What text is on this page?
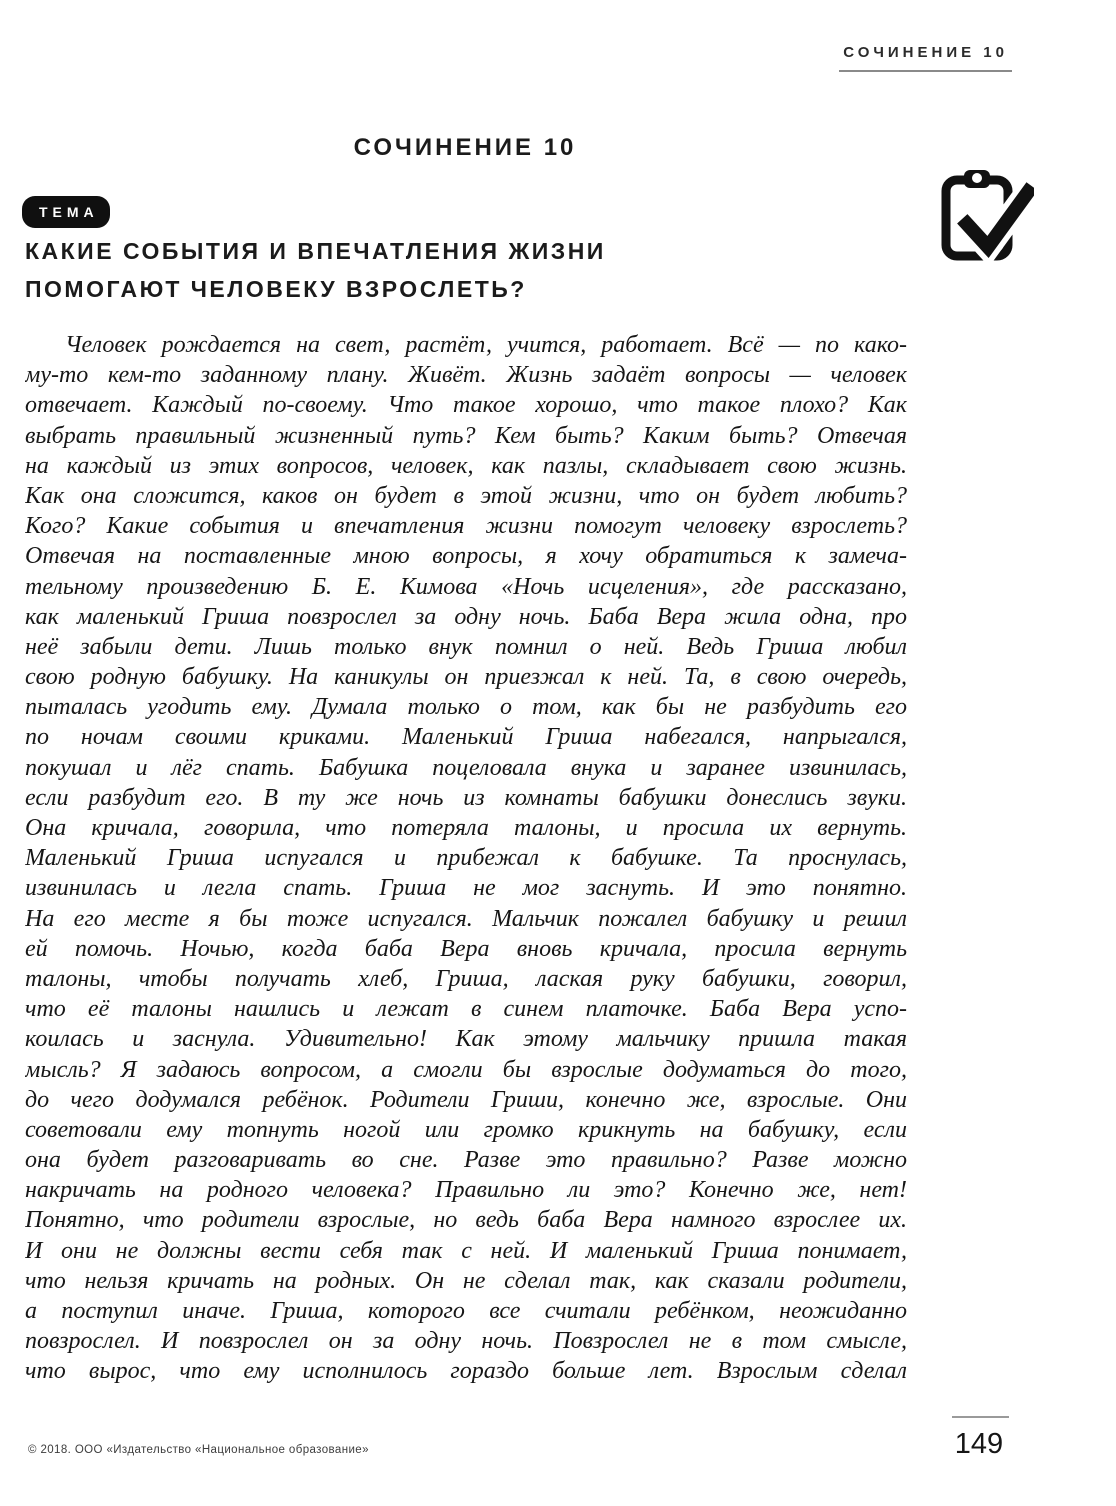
СОЧИНЕНИЕ 10
СОЧИНЕНИЕ 10
ТЕМА
КАКИЕ СОБЫТИЯ И ВПЕЧАТЛЕНИЯ ЖИЗНИ
ПОМОГАЮТ ЧЕЛОВЕКУ ВЗРОСЛЕТЬ?
Человек рождается на свет, растёт, учится, работает. Всё — по како-
му-то кем-то заданному плану. Живёт. Жизнь задаёт вопросы — человек
отвечает. Каждый по-своему. Что такое хорошо, что такое плохо? Как
выбрать правильный жизненный путь? Кем быть? Каким быть? Отвечая
на каждый из этих вопросов, человек, как пазлы, складывает свою жизнь.
Как она сложится, каков он будет в этой жизни, что он будет любить?
Кого? Какие события и впечатления жизни помогут человеку взрослеть?
Отвечая на поставленные мною вопросы, я хочу обратиться к замеча-
тельному произведению Б. Е. Кимова «Ночь исцеления», где рассказано,
как маленький Гриша повзрослел за одну ночь. Баба Вера жила одна, про
неё забыли дети. Лишь только внук помнил о ней. Ведь Гриша любил
свою родную бабушку. На каникулы он приезжал к ней. Та, в свою очередь,
пыталась угодить ему. Думала только о том, как бы не разбудить его
по ночам своими криками. Маленький Гриша набегался, напрыгался,
покушал и лёг спать. Бабушка поцеловала внука и заранее извинилась,
если разбудит его. В ту же ночь из комнаты бабушки донеслись звуки.
Она кричала, говорила, что потеряла талоны, и просила их вернуть.
Маленький Гриша испугался и прибежал к бабушке. Та проснулась,
извинилась и легла спать. Гриша не мог заснуть. И это понятно.
На его месте я бы тоже испугался. Мальчик пожалел бабушку и решил
ей помочь. Ночью, когда баба Вера вновь кричала, просила вернуть
талоны, чтобы получать хлеб, Гриша, лаская руку бабушки, говорил,
что её талоны нашлись и лежат в синем платочке. Баба Вера успо-
коилась и заснула. Удивительно! Как этому мальчику пришла такая
мысль? Я задаюсь вопросом, а смогли бы взрослые додуматься до того,
до чего додумался ребёнок. Родители Гриши, конечно же, взрослые. Они
советовали ему топнуть ногой или громко крикнуть на бабушку, если
она будет разговаривать во сне. Разве это правильно? Разве можно
накричать на родного человека? Правильно ли это? Конечно же, нет!
Понятно, что родители взрослые, но ведь баба Вера намного взрослее их.
И они не должны вести себя так с ней. И маленький Гриша понимает,
что нельзя кричать на родных. Он не сделал так, как сказали родители,
а поступил иначе. Гриша, которого все считали ребёнком, неожиданно
повзрослел. И повзрослел он за одну ночь. Повзрослел не в том смысле,
что вырос, что ему исполнилось гораздо больше лет. Взрослым сделал
© 2018. ООО «Издательство «Национальное образование»	149
